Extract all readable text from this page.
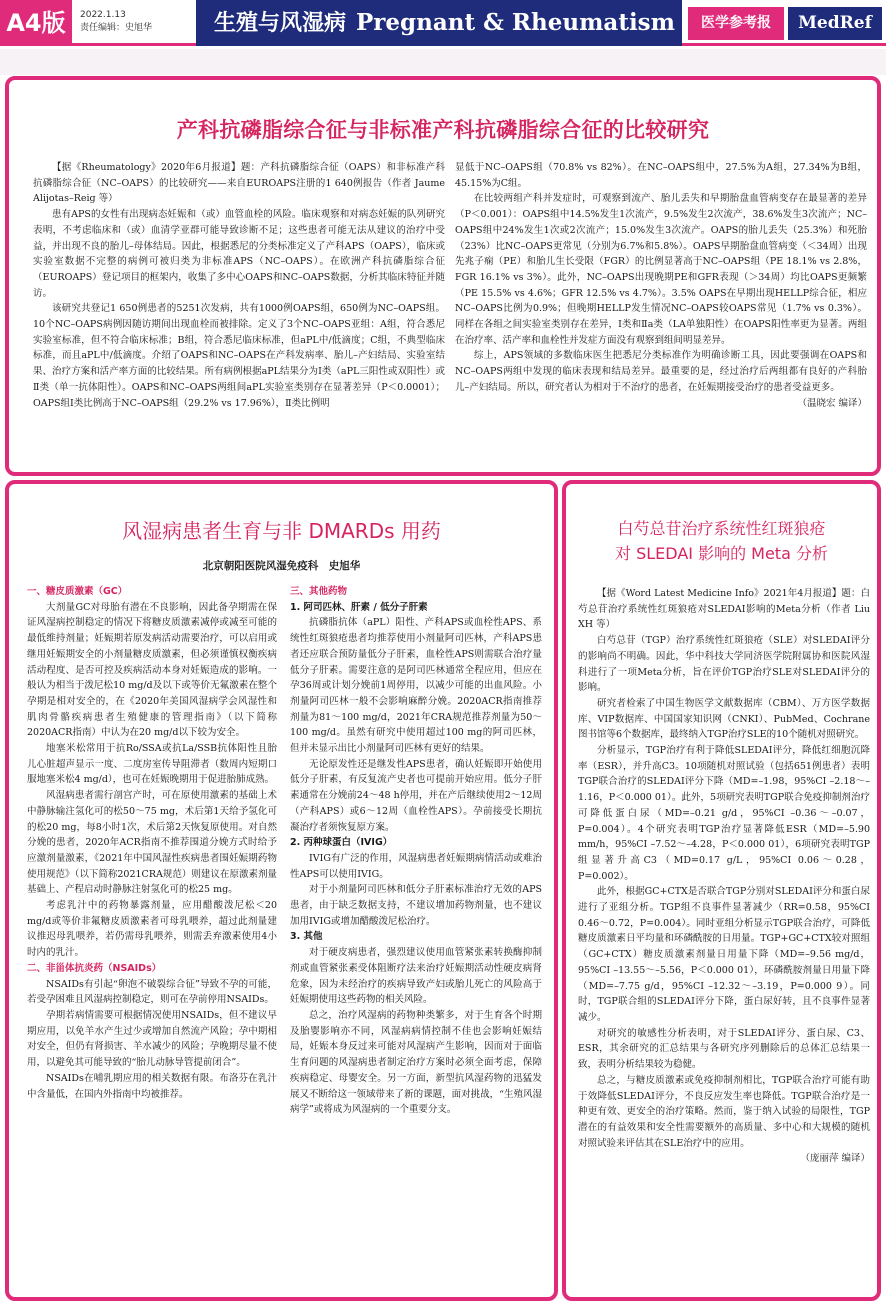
A4版	2022.1.13
责任编辑：史旭华	生殖与风湿病 Pregnant & Rheumatism	医学参考报	MedRef
产科抗磷脂综合征与非标准产科抗磷脂综合征的比较研究

【据《Rheumatology》2020年6月报道】题：产科抗磷脂综合征（OAPS）和非标准产科抗磷脂综合征（NC–OAPS）的比较研究——来自EUROAPS注册的1 640例报告（作者 Jaume Alijotas–Reig 等）

患有APS的女性有出现病态妊娠和（或）血管血栓的风险。临床观察和对病态妊娠的队列研究表明，不考虑临床和（或）血清学亚群可能导致诊断不足；这些患者可能无法从建议的治疗中受益，并出现不良的胎儿–母体结局。因此，根据悉尼的分类标准定义了产科APS（OAPS），临床或实验室数据不完整的病例可被归类为非标准APS（NC–OAPS）。在欧洲产科抗磷脂综合征（EUROAPS）登记项目的框架内，收集了多中心OAPS和NC–OAPS数据，分析其临床特征并随访。

该研究共登记1 650例患者的5251次发病，共有1000例OAPS组，650例为NC–OAPS组。10个NC–OAPS病例因随访期间出现血栓而被排除。定义了3个NC–OAPS亚组：A组，符合悉尼实验室标准，但不符合临床标准；B组，符合悉尼临床标准，但aPL中/低滴度；C组，不典型临床标准，而且aPL中/低滴度。介绍了OAPS和NC–OAPS在产科发病率、胎儿–产妇结局、实验室结果、治疗方案和活产率方面的比较结果。所有病例根据aPL结果分为Ⅰ类（aPL三阳性或双阳性）或Ⅱ类（单一抗体阳性）。OAPS和NC–OAPS两组间aPL实验室类别存在显著差异（P＜0.0001）；OAPS组Ⅰ类比例高于NC–OAPS组（29.2% vs 17.96%），Ⅱ类比例明

显低于NC–OAPS组（70.8% vs 82%）。在NC–OAPS组中，27.5%为A组，27.34%为B组，45.15%为C组。

在比较两组产科并发症时，可观察到流产、胎儿丢失和早期胎盘血管病变存在最显著的差异（P＜0.001）：OAPS组中14.5%发生1次流产，9.5%发生2次流产，38.6%发生3次流产；NC–OAPS组中24%发生1次或2次流产；15.0%发生3次流产。OAPS的胎儿丢失（25.3%）和死胎（23%）比NC–OAPS更常见（分别为6.7%和5.8%）。OAPS早期胎盘血管病变（＜34周）出现先兆子痫（PE）和胎儿生长受限（FGR）的比例显著高于NC–OAPS组（PE 18.1% vs 2.8%，FGR 16.1% vs 3%）。此外，NC–OAPS出现晚期PE和GFR表现（＞34周）均比OAPS更频繁（PE 15.5% vs 4.6%；GFR 12.5% vs 4.7%）。3.5% OAPS在早期出现HELLP综合征，相应NC–OAPS比例为0.9%；但晚期HELLP发生情况NC–OAPS较OAPS常见（1.7% vs 0.3%）。同样在各组之间实验室类别存在差异，Ⅰ类和Ⅱa类（LA单独阳性）在OAPS阳性率更为显著。两组在治疗率、活产率和血栓性并发症方面没有观察到组间明显差异。

综上，APS领域的多数临床医生把悉尼分类标准作为明确诊断工具，因此要强调在OAPS和NC–OAPS两组中发现的临床表现和结局差异。最重要的是，经过治疗后两组都有良好的产科胎儿–产妇结局。所以，研究者认为相对于不治疗的患者，在妊娠期接受治疗的患者受益更多。

（温晓宏 编译）

风湿病患者生育与非 DMARDs 用药
北京朝阳医院风湿免疫科　史旭华

一、糖皮质激素（GC）

大剂量GC对母胎有潜在不良影响，因此备孕期需在保证风湿病控制稳定的情况下将糖皮质激素减停或减至可能的最低维持剂量；妊娠期若原发病活动需要治疗，可以启用或继用妊娠期安全的小剂量糖皮质激素，但必须谨慎权衡疾病活动程度、是否可控及疾病活动本身对妊娠造成的影响。一般认为相当于泼尼松10 mg/d及以下或等价无氟激素在整个孕期是相对安全的，在《2020年美国风湿病学会风湿性和肌肉骨骼疾病患者生殖健康的管理指南》（以下简称2020ACR指南）中认为在20 mg/d以下较为安全。

地塞米松常用于抗Ro/SSA或抗La/SSB抗体阳性且胎儿心脏超声显示一度、二度房室传导阻滞者（数周内短期口服地塞米松4 mg/d），也可在妊娠晚期用于促进胎肺成熟。

风湿病患者需行剖宫产时，可在原使用激素的基础上术中静脉输注氢化可的松50～75 mg，术后第1天给予氢化可的松20 mg，每8小时1次，术后第2天恢复原使用。对自然分娩的患者，2020年ACR指南不推荐围道分娩方式时给予应激剂量激素，《2021年中国风湿性疾病患者围妊娠期药物使用规范》（以下简称2021CRA规范）则建议在原激素剂量基础上、产程启动时静脉注射氢化可的松25 mg。

考虑乳汁中的药物暴露剂量，应用醋酸泼尼松＜20 mg/d或等价非氟糖皮质激素者可母乳喂养，超过此剂量建议推迟母乳喂养，若仍需母乳喂养，则需丢弃激素使用4小时内的乳汁。

二、非甾体抗炎药（NSAIDs）

NSAIDs有引起“卵泡不破裂综合征”导致不孕的可能，若受孕困难且风湿病控制稳定，则可在孕前停用NSAIDs。

孕期若病情需要可根据情况使用NSAIDs，但不建议早期应用，以免羊水产生过少或增加自然流产风险；孕中期相对安全，但仍有肾损害、羊水减少的风险；孕晚期尽量不使用，以避免其可能导致的“胎儿动脉导管提前闭合”。

NSAIDs在哺乳期应用的相关数据有限。布洛芬在乳汁中含量低，在国内外指南中均被推荐。

三、其他药物

1. 阿司匹林、肝素 / 低分子肝素

抗磷脂抗体（aPL）阳性、产科APS或血栓性APS、系统性红斑狼疮患者均推荐使用小剂量阿司匹林，产科APS患者还应联合预防量低分子肝素，血栓性APS则需联合治疗量低分子肝素。需要注意的是阿司匹林通常全程应用，但应在孕36周或计划分娩前1周停用，以减少可能的出血风险。小剂量阿司匹林一般不会影响麻醉分娩。2020ACR指南推荐剂量为81～100 mg/d，2021年CRA规范推荐剂量为50～100 mg/d。虽然有研究中使用超过100 mg的阿司匹林，但并未显示出比小剂量阿司匹林有更好的结果。

无论原发性还是继发性APS患者，确认妊娠即开始使用低分子肝素，有反复流产史者也可提前开始应用。低分子肝素通常在分娩前24～48 h停用，并在产后继续使用2～12周（产科APS）或6～12周（血栓性APS）。孕前接受长期抗凝治疗者须恢复原方案。

2. 丙种球蛋白（IVIG）

IVIG有广泛的作用，风湿病患者妊娠期病情活动或难治性APS可以使用IVIG。

对于小剂量阿司匹林和低分子肝素标准治疗无效的APS患者，由于缺乏数据支持，不建议增加药物剂量，也不建议加用IVIG或增加醋酸泼尼松治疗。

3. 其他

对于硬皮病患者，强烈建议使用血管紧张素转换酶抑制剂或血管紧张素受体阻断疗法来治疗妊娠期活动性硬皮病肾危象，因为未经治疗的疾病导致产妇或胎儿死亡的风险高于妊娠期使用这些药物的相关风险。

总之，治疗风湿病的药物种类繁多，对于生育各个时期及胎婴影响亦不同，风湿病病情控制不佳也会影响妊娠结局，妊娠本身反过来可能对风湿病产生影响，因而对于面临生育问题的风湿病患者制定治疗方案时必须全面考虑，保障疾病稳定、母婴安全。另一方面，新型抗风湿药物的迅猛发展又不断给这一领域带来了新的课题，面对挑战，“生殖风湿病学”或将成为风湿病的一个重要分支。

白芍总苷治疗系统性红斑狼疮
对 SLEDAI 影响的 Meta 分析

【据《Word Latest Medicine Info》2021年4月报道】题：白芍总苷治疗系统性红斑狼疮对SLEDAI影响的Meta分析（作者 Liu XH 等）

白芍总苷（TGP）治疗系统性红斑狼疮（SLE）对SLEDAI评分的影响尚不明确。因此，华中科技大学同济医学院附属协和医院风湿科进行了一项Meta分析，旨在评价TGP治疗SLE对SLEDAI评分的影响。

研究者检索了中国生物医学文献数据库（CBM）、万方医学数据库、VIP数据库、中国国家知识网（CNKI）、PubMed、Cochrane图书馆等6个数据库，最终纳入TGP治疗SLE的10个随机对照研究。

分析显示，TGP治疗有利于降低SLEDAI评分，降低红细胞沉降率（ESR），并升高C3。10项随机对照试验（包括651例患者）表明TGP联合治疗的SLEDAI评分下降（MD=–1.98，95%CI –2.18～–1.16，P＜0.000 01）。此外，5项研究表明TGP联合免疫抑制剂治疗可降低蛋白尿（MD=–0.21 g/d，95%CI –0.36～–0.07，P=0.004）。4个研究表明TGP治疗显著降低ESR（MD=–5.90 mm/h，95%CI –7.52～–4.28，P＜0.000 01），6项研究表明TGP组显著升高C3（MD=0.17 g/L，95%CI 0.06～0.28，P=0.002）。

此外，根据GC+CTX是否联合TGP分别对SLEDAI评分和蛋白尿进行了亚组分析。TGP组不良事件显著减少（RR=0.58，95%CI 0.46～0.72，P=0.004）。同时亚组分析显示TGP联合治疗，可降低糖皮质激素日平均量和环磷酰胺的日用量。TGP+GC+CTX较对照组（GC+CTX）糖皮质激素剂量日用量下降（MD=–9.56 mg/d，95%CI –13.55～–5.56，P＜0.000 01），环磷酰胺剂量日用量下降（MD=–7.75 g/d，95%CI –12.32～–3.19，P=0.000 9）。同时，TGP联合组的SLEDAI评分下降，蛋白尿好转，且不良事件显著减少。

对研究的敏感性分析表明，对于SLEDAI评分、蛋白尿、C3、ESR，其余研究的汇总结果与各研究序列删除后的总体汇总结果一致，表明分析结果较为稳健。

总之，与糖皮质激素或免疫抑制剂相比，TGP联合治疗可能有助于效降低SLEDAI评分，不良反应发生率也降低。TGP联合治疗是一种更有效、更安全的治疗策略。然而，鉴于纳入试验的局限性，TGP潜在的有益效果和安全性需要额外的高质量、多中心和大规模的随机对照试验来评估其在SLE治疗中的应用。

（庞丽萍 编译）
